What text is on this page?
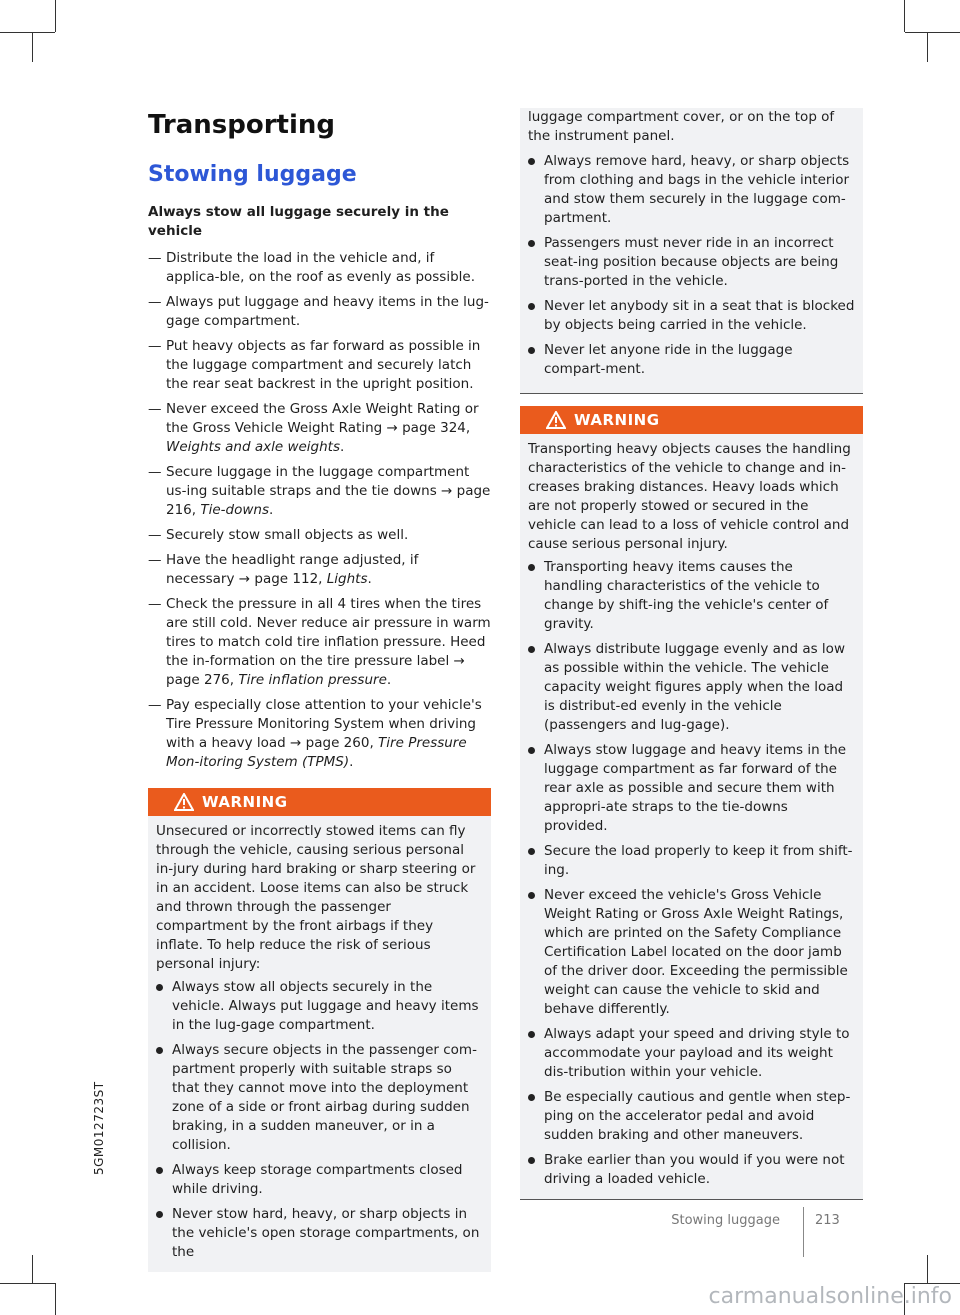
5GM012723ST
Transporting
Stowing luggage

Always stow all luggage securely in the vehicle

— Distribute the load in the vehicle and, if applica-ble, on the roof as evenly as possible.
— Always put luggage and heavy items in the lug-gage compartment.
— Put heavy objects as far forward as possible in the luggage compartment and securely latch the rear seat backrest in the upright position.
— Never exceed the Gross Axle Weight Rating or the Gross Vehicle Weight Rating → page 324, Weights and axle weights.
— Secure luggage in the luggage compartment us-ing suitable straps and the tie downs → page 216, Tie-downs.
— Securely stow small objects as well.
— Have the headlight range adjusted, if necessary → page 112, Lights.
— Check the pressure in all 4 tires when the tires are still cold. Never reduce air pressure in warm tires to match cold tire inflation pressure. Heed the in-formation on the tire pressure label → page 276, Tire inflation pressure.
— Pay especially close attention to your vehicle's Tire Pressure Monitoring System when driving with a heavy load → page 260, Tire Pressure Mon-itoring System (TPMS).
WARNING

Unsecured or incorrectly stowed items can fly through the vehicle, causing serious personal in-jury during hard braking or sharp steering or in an accident. Loose items can also be struck and thrown through the passenger compartment by the front airbags if they inflate. To help reduce the risk of serious personal injury:

Always stow all objects securely in the vehicle. Always put luggage and heavy items in the lug-gage compartment.
Always secure objects in the passenger com-partment properly with suitable straps so that they cannot move into the deployment zone of a side or front airbag during sudden braking, in a sudden maneuver, or in a collision.
Always keep storage compartments closed while driving.
Never stow hard, heavy, or sharp objects in the vehicle's open storage compartments, on the

luggage compartment cover, or on the top of the instrument panel.

Always remove hard, heavy, or sharp objects from clothing and bags in the vehicle interior and stow them securely in the luggage com-partment.
Passengers must never ride in an incorrect seat-ing position because objects are being trans-ported in the vehicle.
Never let anybody sit in a seat that is blocked by objects being carried in the vehicle.
Never let anyone ride in the luggage compart-ment.
WARNING

Transporting heavy objects causes the handling characteristics of the vehicle to change and in-creases braking distances. Heavy loads which are not properly stowed or secured in the vehicle can lead to a loss of vehicle control and cause serious personal injury.

Transporting heavy items causes the handling characteristics of the vehicle to change by shift-ing the vehicle's center of gravity.
Always distribute luggage evenly and as low as possible within the vehicle. The vehicle capacity weight figures apply when the load is distribut-ed evenly in the vehicle (passengers and lug-gage).
Always stow luggage and heavy items in the luggage compartment as far forward of the rear axle as possible and secure them with appropri-ate straps to the tie-downs provided.
Secure the load properly to keep it from shift-ing.
Never exceed the vehicle's Gross Vehicle Weight Rating or Gross Axle Weight Ratings, which are printed on the Safety Compliance Certification Label located on the door jamb of the driver door. Exceeding the permissible weight can cause the vehicle to skid and behave differently.
Always adapt your speed and driving style to accommodate your payload and its weight dis-tribution within your vehicle.
Be especially cautious and gentle when step-ping on the accelerator pedal and avoid sudden braking and other maneuvers.
Brake earlier than you would if you were not driving a loaded vehicle.
Stowing luggage	213
carmanualsonline.info
